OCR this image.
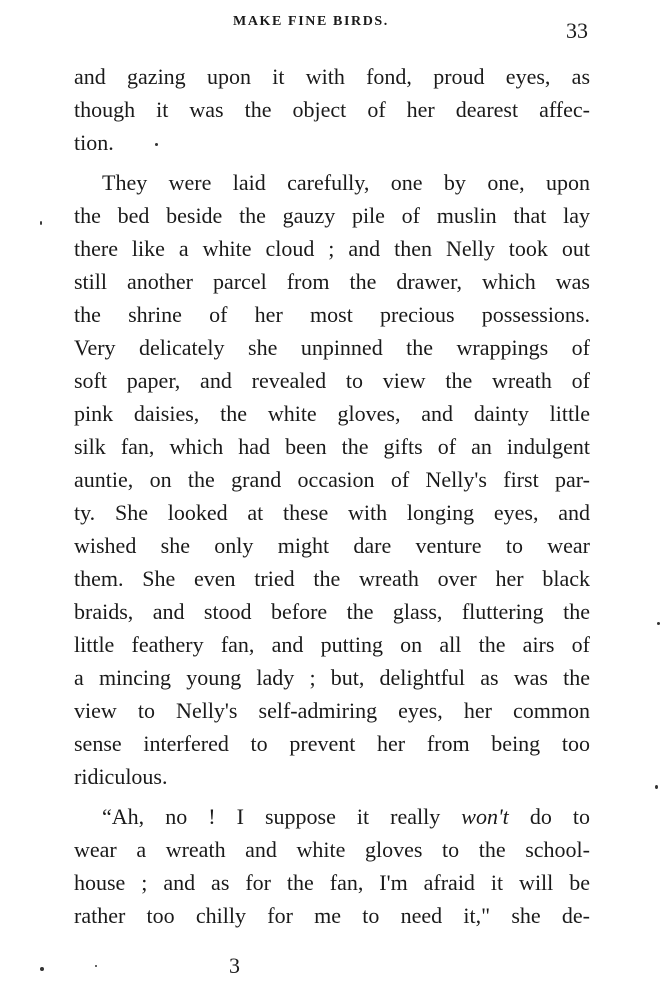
MAKE FINE BIRDS.	33
and gazing upon it with fond, proud eyes, as
though it was the object of her dearest affec-
tion.
They were laid carefully, one by one, upon
the bed beside the gauzy pile of muslin that lay
there like a white cloud ; and then Nelly took out
still another parcel from the drawer, which was
the shrine of her most precious possessions.
Very delicately she unpinned the wrappings of
soft paper, and revealed to view the wreath of
pink daisies, the white gloves, and dainty little
silk fan, which had been the gifts of an indulgent
auntie, on the grand occasion of Nelly's first par-
ty. She looked at these with longing eyes, and
wished she only might dare venture to wear
them. She even tried the wreath over her black
braids, and stood before the glass, fluttering the
little feathery fan, and putting on all the airs of
a mincing young lady ; but, delightful as was the
view to Nelly's self-admiring eyes, her common
sense interfered to prevent her from being too
ridiculous.
“Ah, no ! I suppose it really won't do to
wear a wreath and white gloves to the school-
house ; and as for the fan, I'm afraid it will be
rather too chilly for me to need it," she de-
3
